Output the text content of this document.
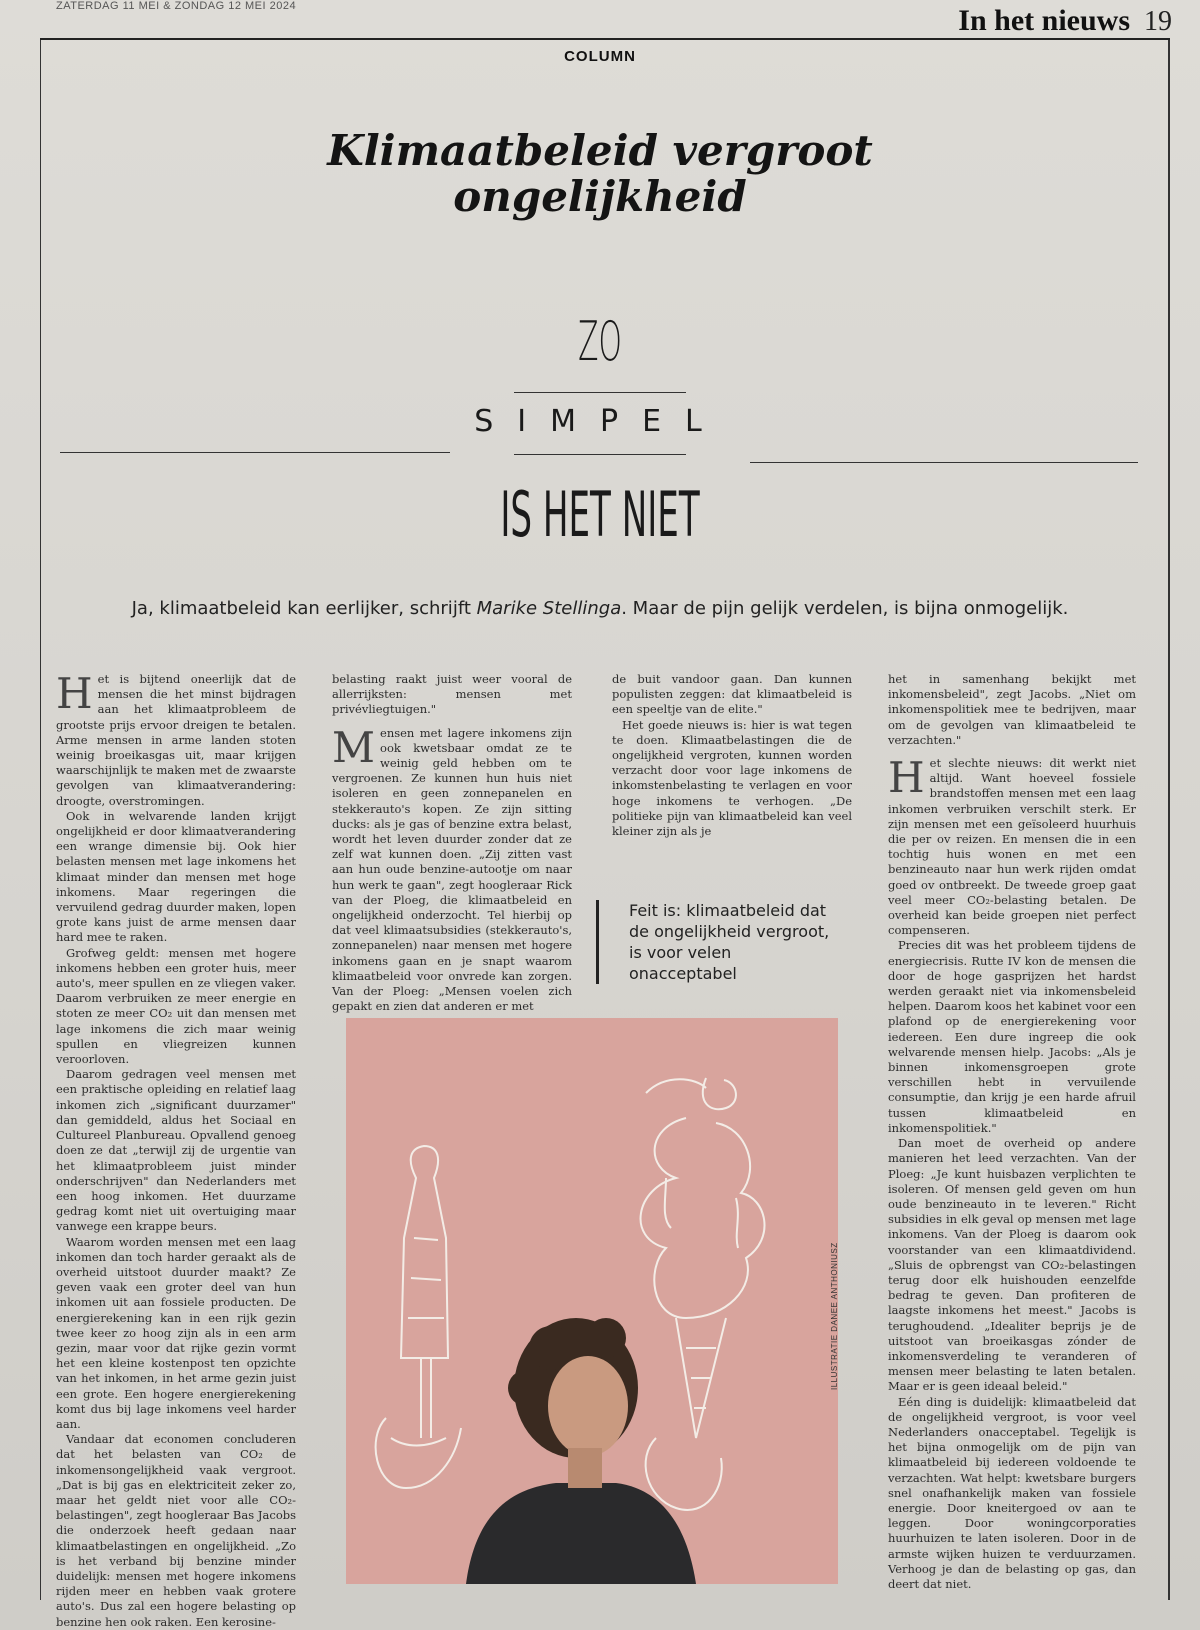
ZATERDAG 11 MEI & ZONDAG 12 MEI 2024	In het nieuws 19
COLUMN
Klimaatbeleid vergroot ongelijkheid
ZO
SIMPEL
IS HET NIET

Ja, klimaatbeleid kan eerlijker, schrijft Marike Stellinga. Maar de pijn gelijk verdelen, is bijna onmogelijk.

H et is bijtend oneerlijk dat de mensen die het minst bijdragen aan het klimaatprobleem de grootste prijs ervoor dreigen te betalen. Arme mensen in arme landen stoten weinig broeikasgas uit, maar krijgen waarschijnlijk te maken met de zwaarste gevolgen van klimaatverandering: droogte, overstromingen.

Ook in welvarende landen krijgt ongelijkheid er door klimaatverandering een wrange dimensie bij. Ook hier belasten mensen met lage inkomens het klimaat minder dan mensen met hoge inkomens. Maar regeringen die vervuilend gedrag duurder maken, lopen grote kans juist de arme mensen daar hard mee te raken.

Grofweg geldt: mensen met hogere inkomens hebben een groter huis, meer auto's, meer spullen en ze vliegen vaker. Daarom verbruiken ze meer energie en stoten ze meer CO₂ uit dan mensen met lage inkomens die zich maar weinig spullen en vliegreizen kunnen veroorloven.

Daarom gedragen veel mensen met een praktische opleiding en relatief laag inkomen zich „significant duurzamer" dan gemiddeld, aldus het Sociaal en Cultureel Planbureau. Opvallend genoeg doen ze dat „terwijl zij de urgentie van het klimaatprobleem juist minder onderschrijven" dan Nederlanders met een hoog inkomen. Het duurzame gedrag komt niet uit overtuiging maar vanwege een krappe beurs.

Waarom worden mensen met een laag inkomen dan toch harder geraakt als de overheid uitstoot duurder maakt? Ze geven vaak een groter deel van hun inkomen uit aan fossiele producten. De energierekening kan in een rijk gezin twee keer zo hoog zijn als in een arm gezin, maar voor dat rijke gezin vormt het een kleine kostenpost ten opzichte van het inkomen, in het arme gezin juist een grote. Een hogere energierekening komt dus bij lage inkomens veel harder aan.

Vandaar dat economen concluderen dat het belasten van CO₂ de inkomensongelijkheid vaak vergroot. „Dat is bij gas en elektriciteit zeker zo, maar het geldt niet voor alle CO₂-belastingen", zegt hoogleraar Bas Jacobs die onderzoek heeft gedaan naar klimaatbelastingen en ongelijkheid. „Zo is het verband bij benzine minder duidelijk: mensen met hogere inkomens rijden meer en hebben vaak grotere auto's. Dus zal een hogere belasting op benzine hen ook raken. Een kerosine-

belasting raakt juist weer vooral de allerrijksten: mensen met privévliegtuigen."

M ensen met lagere inkomens zijn ook kwetsbaar omdat ze te weinig geld hebben om te vergroenen. Ze kunnen hun huis niet isoleren en geen zonnepanelen en stekkerauto's kopen. Ze zijn sitting ducks: als je gas of benzine extra belast, wordt het leven duurder zonder dat ze zelf wat kunnen doen. „Zij zitten vast aan hun oude benzine-autootje om naar hun werk te gaan", zegt hoogleraar Rick van der Ploeg, die klimaatbeleid en ongelijkheid onderzocht. Tel hierbij op dat veel klimaatsubsidies (stekkerauto's, zonnepanelen) naar mensen met hogere inkomens gaan en je snapt waarom klimaatbeleid voor onvrede kan zorgen. Van der Ploeg: „Mensen voelen zich gepakt en zien dat anderen er met

de buit vandoor gaan. Dan kunnen populisten zeggen: dat klimaatbeleid is een speeltje van de elite."

Het goede nieuws is: hier is wat tegen te doen. Klimaatbelastingen die de ongelijkheid vergroten, kunnen worden verzacht door voor lage inkomens de inkomstenbelasting te verlagen en voor hoge inkomens te verhogen. „De politieke pijn van klimaatbeleid kan veel kleiner zijn als je

Feit is: klimaatbeleid dat de ongelijkheid vergroot, is voor velen onacceptabel

het in samenhang bekijkt met inkomensbeleid", zegt Jacobs. „Niet om inkomenspolitiek mee te bedrijven, maar om de gevolgen van klimaatbeleid te verzachten."

H et slechte nieuws: dit werkt niet altijd. Want hoeveel fossiele brandstoffen mensen met een laag inkomen verbruiken verschilt sterk. Er zijn mensen met een geïsoleerd huurhuis die per ov reizen. En mensen die in een tochtig huis wonen en met een benzineauto naar hun werk rijden omdat goed ov ontbreekt. De tweede groep gaat veel meer CO₂-belasting betalen. De overheid kan beide groepen niet perfect compenseren.

Precies dit was het probleem tijdens de energiecrisis. Rutte IV kon de mensen die door de hoge gasprijzen het hardst werden geraakt niet via inkomensbeleid helpen. Daarom koos het kabinet voor een plafond op de energierekening voor iedereen. Een dure ingreep die ook welvarende mensen hielp. Jacobs: „Als je binnen inkomensgroepen grote verschillen hebt in vervuilende consumptie, dan krijg je een harde afruil tussen klimaatbeleid en inkomenspolitiek."

Dan moet de overheid op andere manieren het leed verzachten. Van der Ploeg: „Je kunt huisbazen verplichten te isoleren. Of mensen geld geven om hun oude benzineauto in te leveren." Richt subsidies in elk geval op mensen met lage inkomens. Van der Ploeg is daarom ook voorstander van een klimaatdividend. „Sluis de opbrengst van CO₂-belastingen terug door elk huishouden eenzelfde bedrag te geven. Dan profiteren de laagste inkomens het meest." Jacobs is terughoudend. „Idealiter beprijs je de uitstoot van broeikasgas zónder de inkomensverdeling te veranderen of mensen meer belasting te laten betalen. Maar er is geen ideaal beleid."

Eén ding is duidelijk: klimaatbeleid dat de ongelijkheid vergroot, is voor veel Nederlanders onacceptabel. Tegelijk is het bijna onmogelijk om de pijn van klimaatbeleid bij iedereen voldoende te verzachten. Wat helpt: kwetsbare burgers snel onafhankelijk maken van fossiele energie. Door kneitergoed ov aan te leggen. Door woningcorporaties huurhuizen te laten isoleren. Door in de armste wijken huizen te verduurzamen. Verhoog je dan de belasting op gas, dan deert dat niet.

ILLUSTRATIE DANEE ANTHONIUSZ
